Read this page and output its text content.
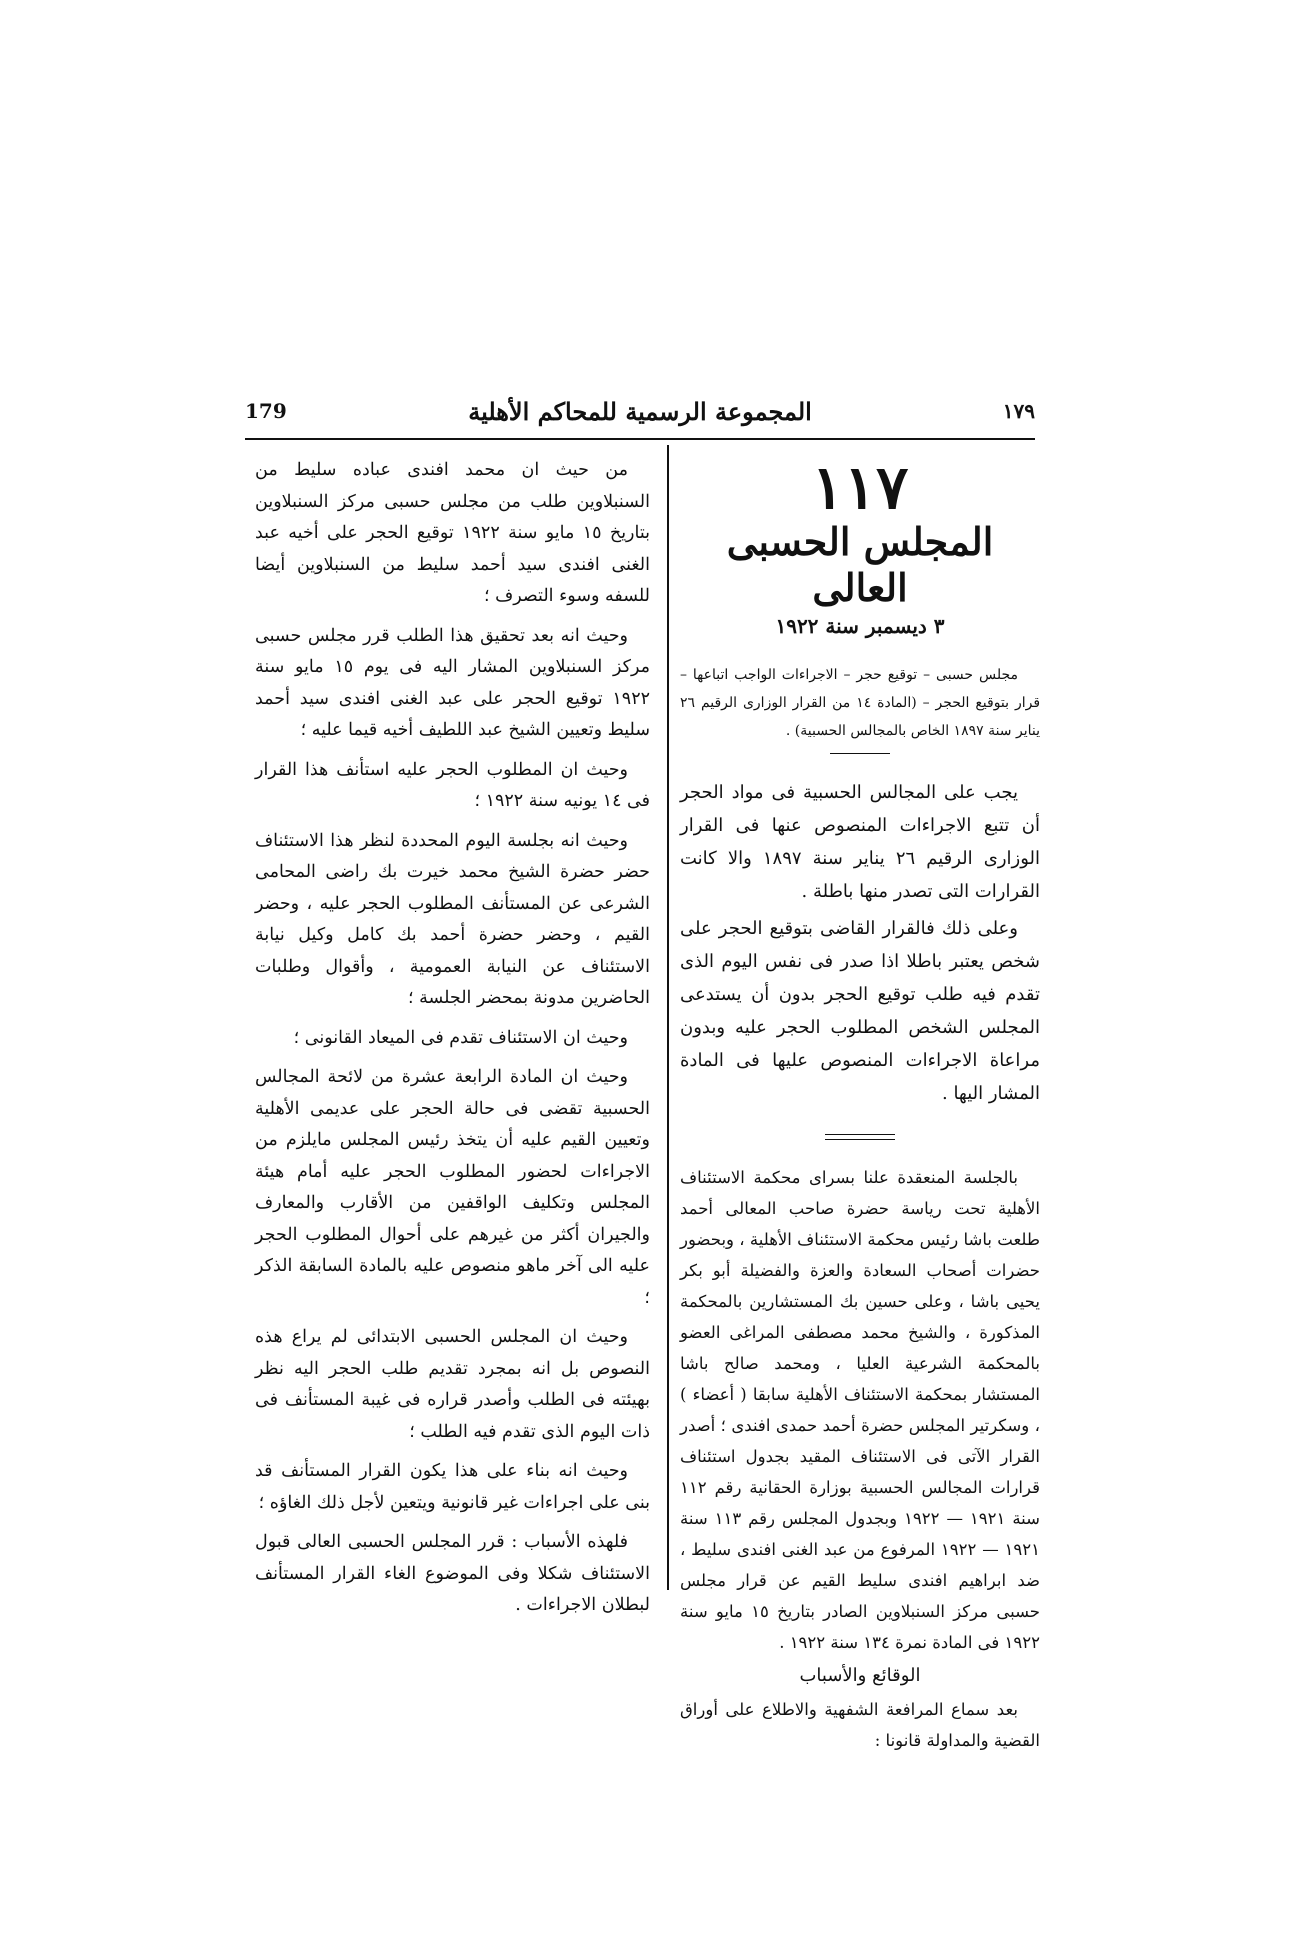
١٧٩
المجموعة الرسمية للمحاكم الأهلية
179
١١٧
المجلس الحسبى العالى
٣ ديسمبر سنة ١٩٢٢

مجلس حسبى – توقيع حجر – الاجراءات الواجب اتباعها – قرار بتوقيع الحجر – (المادة ١٤ من القرار الوزارى الرقيم ٢٦ يناير سنة ١٨٩٧ الخاص بالمجالس الحسبية) .

يجب على المجالس الحسبية فى مواد الحجر أن تتبع الاجراءات المنصوص عنها فى القرار الوزارى الرقيم ٢٦ يناير سنة ١٨٩٧ والا كانت القرارات التى تصدر منها باطلة .

وعلى ذلك فالقرار القاضى بتوقيع الحجر على شخص يعتبر باطلا اذا صدر فى نفس اليوم الذى تقدم فيه طلب توقيع الحجر بدون أن يستدعى المجلس الشخص المطلوب الحجر عليه وبدون مراعاة الاجراءات المنصوص عليها فى المادة المشار اليها .

بالجلسة المنعقدة علنا بسراى محكمة الاستئناف الأهلية تحت رياسة حضرة صاحب المعالى أحمد طلعت باشا رئيس محكمة الاستئناف الأهلية ، وبحضور حضرات أصحاب السعادة والعزة والفضيلة أبو بكر يحيى باشا ، وعلى حسين بك المستشارين بالمحكمة المذكورة ، والشيخ محمد مصطفى المراغى العضو بالمحكمة الشرعية العليا ، ومحمد صالح باشا المستشار بمحكمة الاستئناف الأهلية سابقا ( أعضاء ) ، وسكرتير المجلس حضرة أحمد حمدى افندى ؛ أصدر القرار الآتى فى الاستئناف المقيد بجدول استئناف قرارات المجالس الحسبية بوزارة الحقانية رقم ١١٢ سنة ١٩٢١ — ١٩٢٢ وبجدول المجلس رقم ١١٣ سنة ١٩٢١ — ١٩٢٢ المرفوع من عبد الغنى افندى سليط ، ضد ابراهيم افندى سليط القيم عن قرار مجلس حسبى مركز السنبلاوين الصادر بتاريخ ١٥ مايو سنة ١٩٢٢ فى المادة نمرة ١٣٤ سنة ١٩٢٢ .

الوقائع والأسباب

بعد سماع المرافعة الشفهية والاطلاع على أوراق القضية والمداولة قانونا :

من حيث ان محمد افندى عباده سليط من السنبلاوين طلب من مجلس حسبى مركز السنبلاوين بتاريخ ١٥ مايو سنة ١٩٢٢ توقيع الحجر على أخيه عبد الغنى افندى سيد أحمد سليط من السنبلاوين أيضا للسفه وسوء التصرف ؛

وحيث انه بعد تحقيق هذا الطلب قرر مجلس حسبى مركز السنبلاوين المشار اليه فى يوم ١٥ مايو سنة ١٩٢٢ توقيع الحجر على عبد الغنى افندى سيد أحمد سليط وتعيين الشيخ عبد اللطيف أخيه قيما عليه ؛

وحيث ان المطلوب الحجر عليه استأنف هذا القرار فى ١٤ يونيه سنة ١٩٢٢ ؛

وحيث انه بجلسة اليوم المحددة لنظر هذا الاستئناف حضر حضرة الشيخ محمد خيرت بك راضى المحامى الشرعى عن المستأنف المطلوب الحجر عليه ، وحضر القيم ، وحضر حضرة أحمد بك كامل وكيل نيابة الاستئناف عن النيابة العمومية ، وأقوال وطلبات الحاضرين مدونة بمحضر الجلسة ؛

وحيث ان الاستئناف تقدم فى الميعاد القانونى ؛

وحيث ان المادة الرابعة عشرة من لائحة المجالس الحسبية تقضى فى حالة الحجر على عديمى الأهلية وتعيين القيم عليه أن يتخذ رئيس المجلس مايلزم من الاجراءات لحضور المطلوب الحجر عليه أمام هيئة المجلس وتكليف الواقفين من الأقارب والمعارف والجيران أكثر من غيرهم على أحوال المطلوب الحجر عليه الى آخر ماهو منصوص عليه بالمادة السابقة الذكر ؛

وحيث ان المجلس الحسبى الابتدائى لم يراع هذه النصوص بل انه بمجرد تقديم طلب الحجر اليه نظر بهيئته فى الطلب وأصدر قراره فى غيبة المستأنف فى ذات اليوم الذى تقدم فيه الطلب ؛

وحيث انه بناء على هذا يكون القرار المستأنف قد بنى على اجراءات غير قانونية ويتعين لأجل ذلك الغاؤه ؛

فلهذه الأسباب : قرر المجلس الحسبى العالى قبول الاستئناف شكلا وفى الموضوع الغاء القرار المستأنف لبطلان الاجراءات .
